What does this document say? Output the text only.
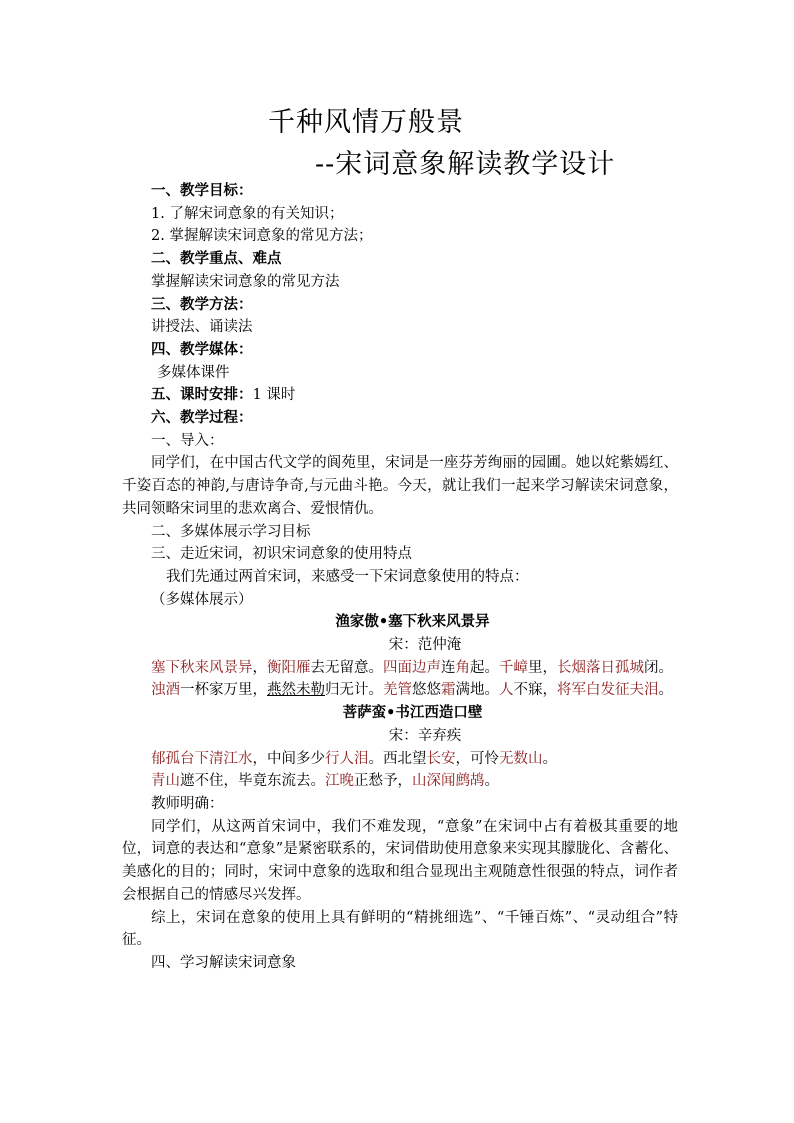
千种风情万般景
--宋词意象解读教学设计

一、教学目标：

1. 了解宋词意象的有关知识；

2. 掌握解读宋词意象的常见方法；

二、教学重点、难点

掌握解读宋词意象的常见方法

三、教学方法：

讲授法、诵读法

四、教学媒体：

多媒体课件

五、课时安排：1 课时

六、教学过程：

一、导入：

同学们，在中国古代文学的阆苑里，宋词是一座芬芳绚丽的园圃。她以姹紫嫣红、千姿百态的神韵,与唐诗争奇,与元曲斗艳。今天，就让我们一起来学习解读宋词意象，共同领略宋词里的悲欢离合、爱恨情仇。

二、多媒体展示学习目标

三、走近宋词，初识宋词意象的使用特点

我们先通过两首宋词，来感受一下宋词意象使用的特点：

（多媒体展示）

渔家傲•塞下秋来风景异

宋：范仲淹

塞下秋来风景异，衡阳雁去无留意。四面边声连角起。千嶂里，长烟落日孤城闭。

浊酒一杯家万里，燕然未勒归无计。羌管悠悠霜满地。人不寐，将军白发征夫泪。

菩萨蛮•书江西造口壁

宋：辛弃疾

郁孤台下清江水，中间多少行人泪。西北望长安，可怜无数山。

青山遮不住，毕竟东流去。江晚正愁予，山深闻鹧鸪。

教师明确：

同学们，从这两首宋词中，我们不难发现，“意象”在宋词中占有着极其重要的地位，词意的表达和“意象”是紧密联系的，宋词借助使用意象来实现其朦胧化、含蓄化、美感化的目的；同时，宋词中意象的选取和组合显现出主观随意性很强的特点，词作者会根据自己的情感尽兴发挥。

综上，宋词在意象的使用上具有鲜明的“精挑细选”、“千锤百炼”、“灵动组合”特征。

四、学习解读宋词意象
